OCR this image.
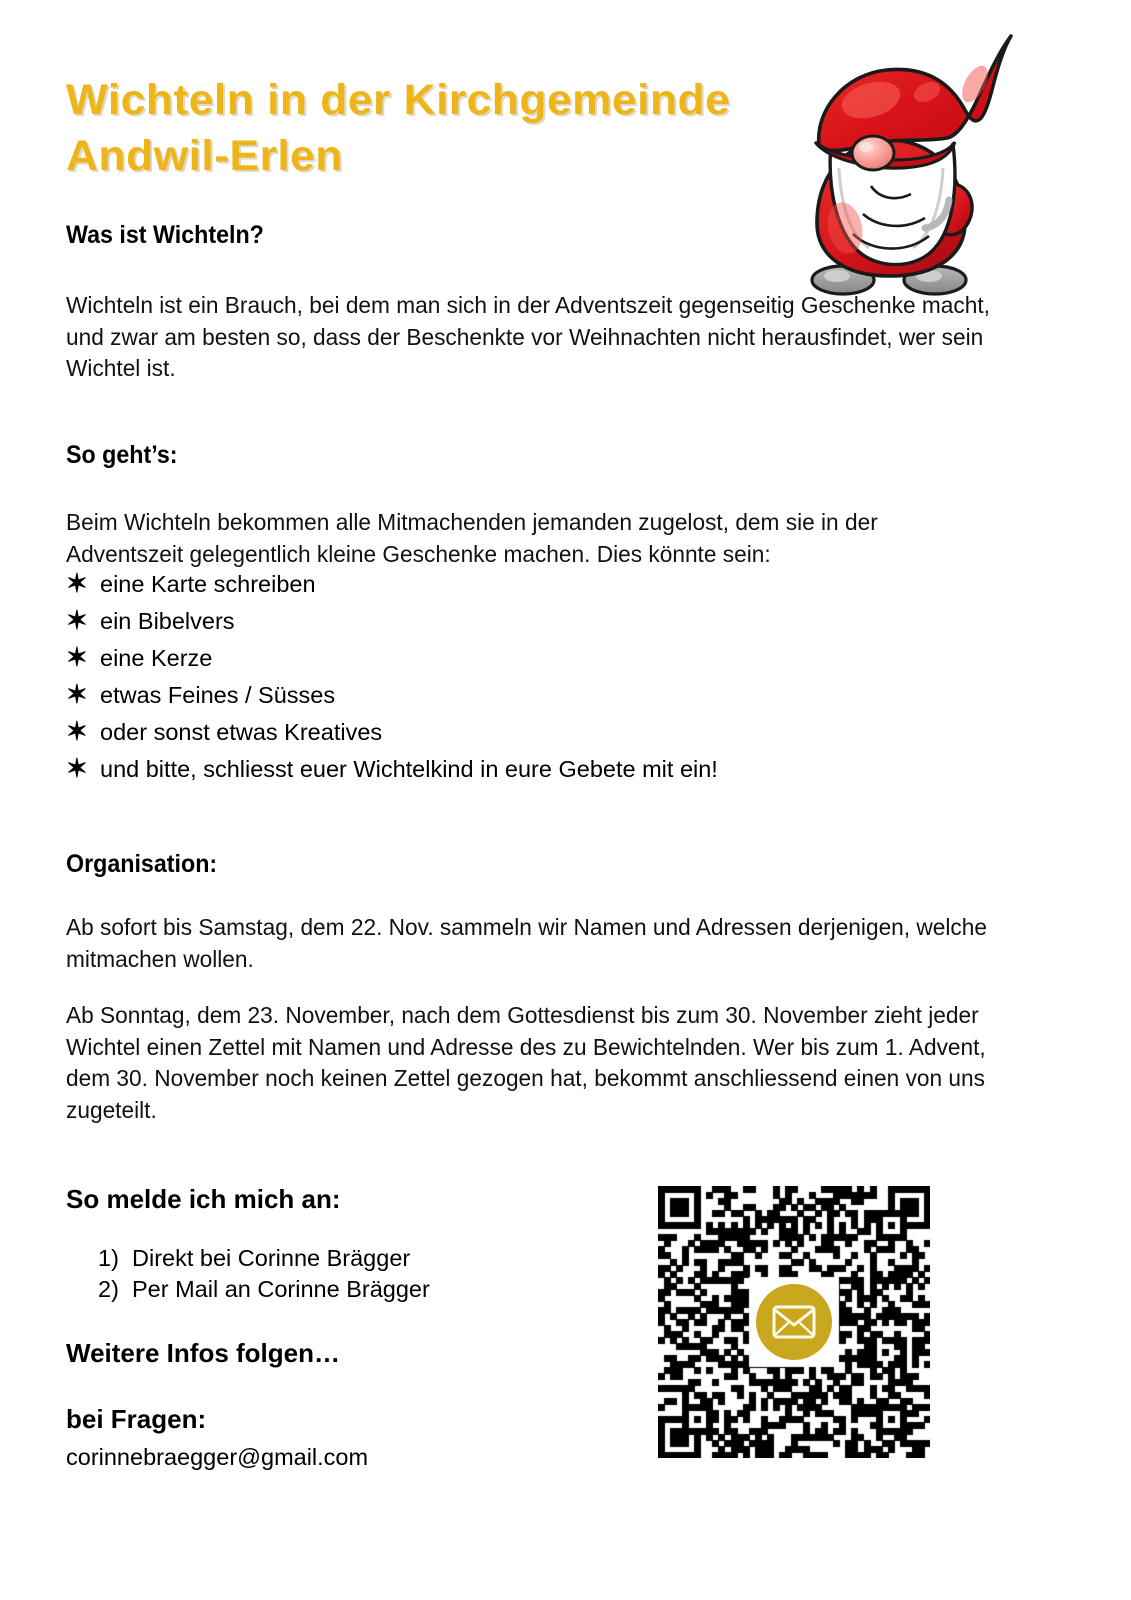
Wichteln in der Kirchgemeinde
Andwil-Erlen
Was ist Wichteln?
Wichteln ist ein Brauch, bei dem man sich in der Adventszeit gegenseitig Geschenke macht, und zwar am besten so, dass der Beschenkte vor Weihnachten nicht herausfindet, wer sein Wichtel ist.
So geht’s:
Beim Wichteln bekommen alle Mitmachenden jemanden zugelost, dem sie in der Adventszeit gelegentlich kleine Geschenke machen. Dies könnte sein:
✶ eine Karte schreiben
✶ ein Bibelvers
✶ eine Kerze
✶ etwas Feines / Süsses
✶ oder sonst etwas Kreatives
✶ und bitte, schliesst euer Wichtelkind in eure Gebete mit ein!
Organisation:
Ab sofort bis Samstag, dem 22. Nov. sammeln wir Namen und Adressen derjenigen, welche mitmachen wollen.
Ab Sonntag, dem 23. November, nach dem Gottesdienst bis zum 30. November zieht jeder Wichtel einen Zettel mit Namen und Adresse des zu Bewichtelnden. Wer bis zum 1. Advent, dem 30. November noch keinen Zettel gezogen hat, bekommt anschliessend einen von uns zugeteilt.
So melde ich mich an:
1) Direkt bei Corinne Brägger
2) Per Mail an Corinne Brägger
Weitere Infos folgen…
bei Fragen:
corinnebraegger@gmail.com
